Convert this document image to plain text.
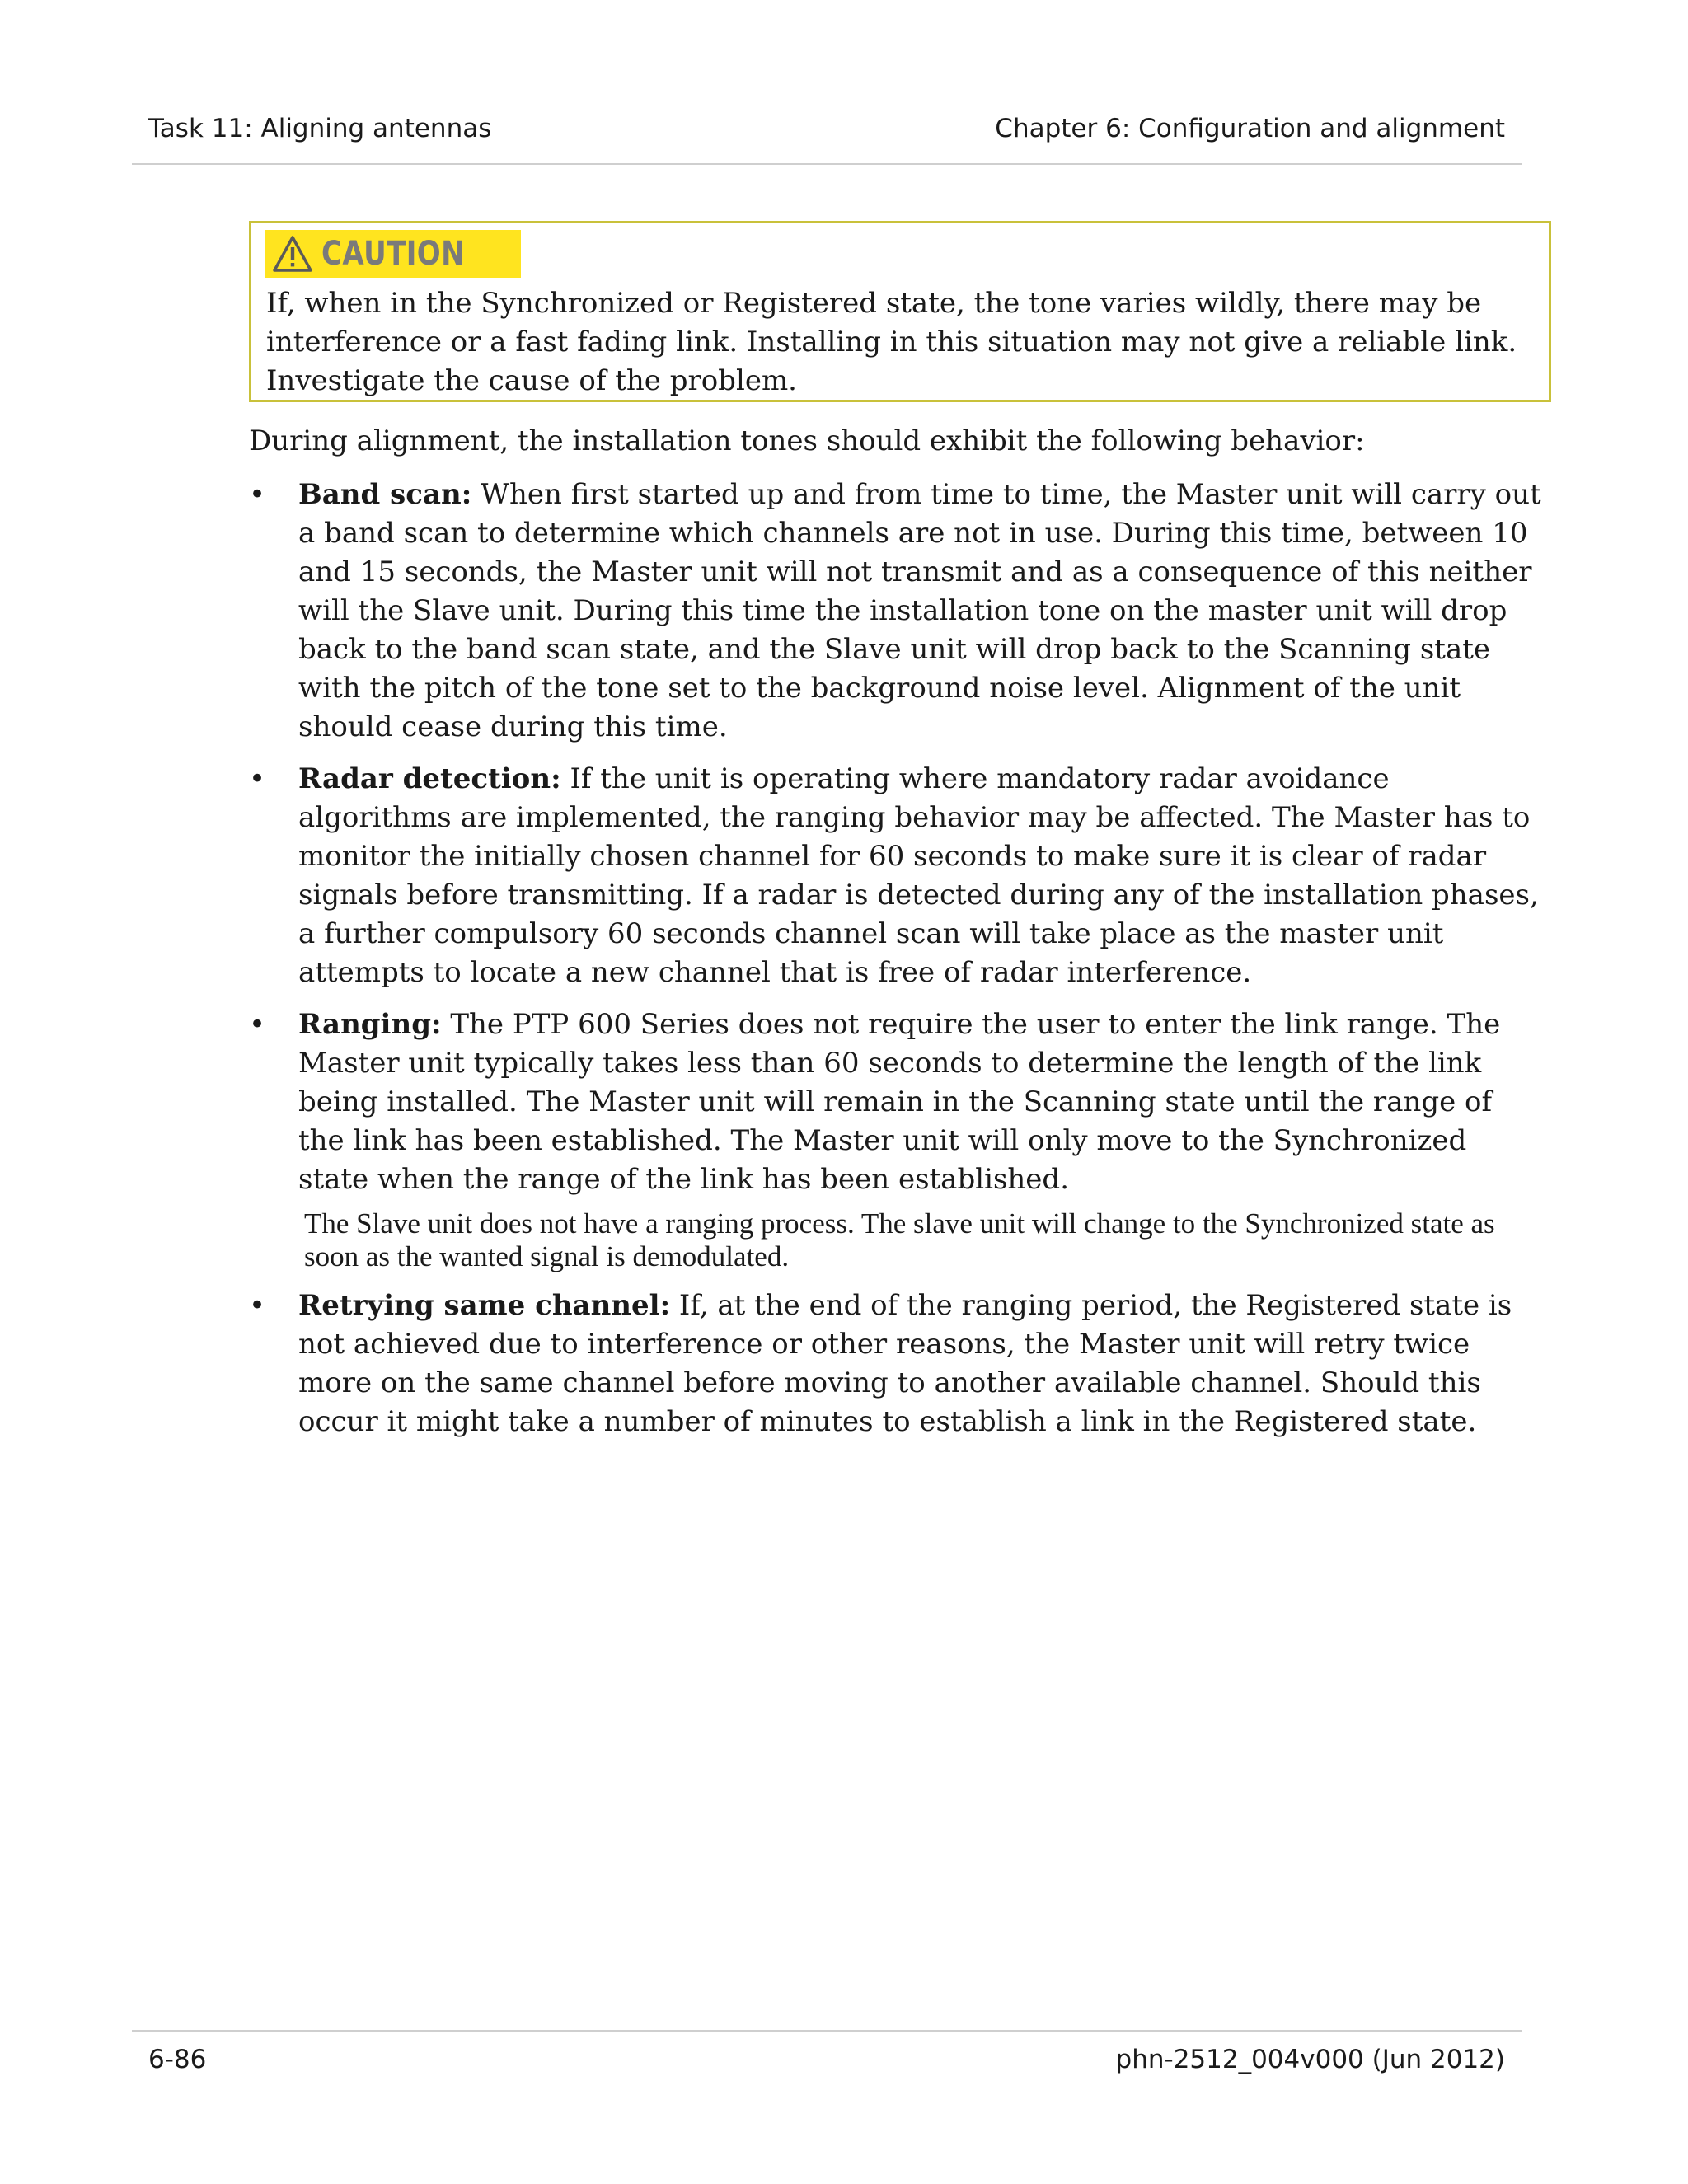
Task 11: Aligning antennas	Chapter 6: Configuration and alignment
CAUTION

If, when in the Synchronized or Registered state, the tone varies wildly, there may be interference or a fast fading link. Installing in this situation may not give a reliable link. Investigate the cause of the problem.

During alignment, the installation tones should exhibit the following behavior:

• Band scan: When first started up and from time to time, the Master unit will carry out a band scan to determine which channels are not in use. During this time, between 10 and 15 seconds, the Master unit will not transmit and as a consequence of this neither will the Slave unit. During this time the installation tone on the master unit will drop back to the band scan state, and the Slave unit will drop back to the Scanning state with the pitch of the tone set to the background noise level. Alignment of the unit should cease during this time.
• Radar detection: If the unit is operating where mandatory radar avoidance algorithms are implemented, the ranging behavior may be affected. The Master has to monitor the initially chosen channel for 60 seconds to make sure it is clear of radar signals before transmitting. If a radar is detected during any of the installation phases, a further compulsory 60 seconds channel scan will take place as the master unit attempts to locate a new channel that is free of radar interference.
• Ranging: The PTP 600 Series does not require the user to enter the link range. The Master unit typically takes less than 60 seconds to determine the length of the link being installed. The Master unit will remain in the Scanning state until the range of the link has been established. The Master unit will only move to the Synchronized state when the range of the link has been established.
The Slave unit does not have a ranging process. The slave unit will change to the Synchronized state as soon as the wanted signal is demodulated.
• Retrying same channel: If, at the end of the ranging period, the Registered state is not achieved due to interference or other reasons, the Master unit will retry twice more on the same channel before moving to another available channel. Should this occur it might take a number of minutes to establish a link in the Registered state.
6-86	phn-2512_004v000 (Jun 2012)
